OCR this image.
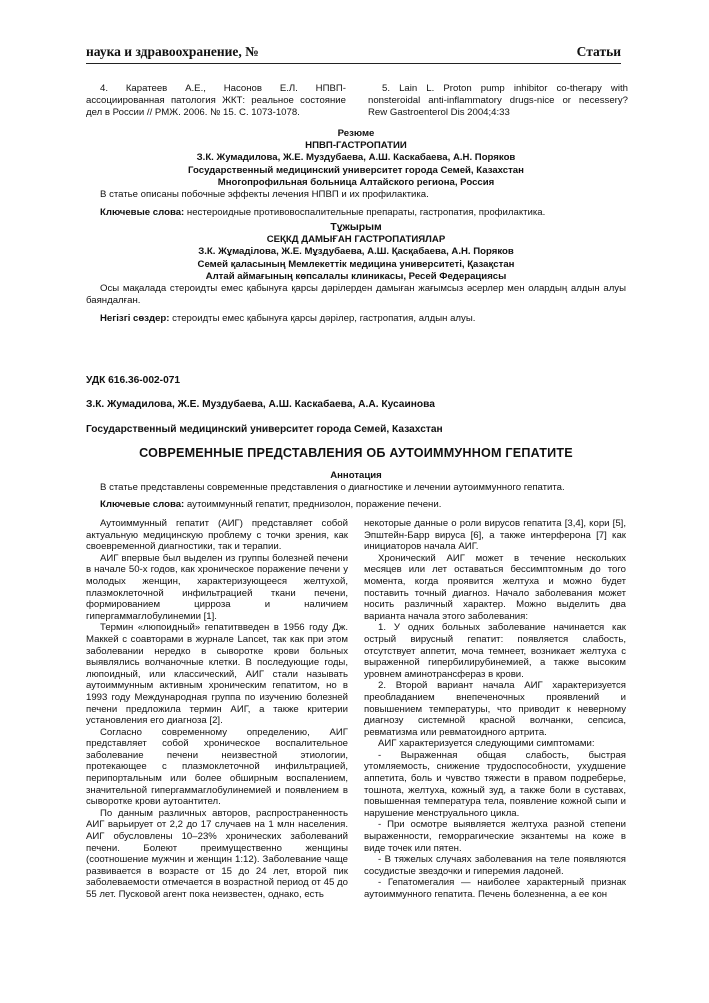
наука и здравоохранение, №	Статьи

4. Каратеев А.Е., Насонов Е.Л. НПВП-ассоциированная патология ЖКТ: реальное состояние дел в России // РМЖ. 2006. № 15. С. 1073-1078.

5. Lain L. Proton pump inhibitor co-therapy with nonsteroidal anti-inflammatory drugs-nice or necessery? Rew Gastroenterol Dis 2004;4:33

Резюме
НПВП-ГАСТРОПАТИИ
З.К. Жумадилова, Ж.Е. Муздубаева, А.Ш. Каскабаева, А.Н. Поряков
Государственный медицинский университет города Семей, Казахстан
Многопрофильная больница Алтайского региона, Россия

В статье описаны побочные эффекты лечения НПВП и их профилактика.

Ключевые слова: нестероидные противовоспалительные препараты, гастропатия, профилактика.

Тұжырым
СЕҚКД ДАМЫҒАН ГАСТРОПАТИЯЛАР
З.К. Жұмаділова, Ж.Е. Мұздубаева, А.Ш. Қасқабаева, А.Н. Поряков
Семей қаласының Мемлекеттік медицина университеті, Қазақстан
Алтай аймағының көпсалалы клиникасы, Ресей Федерациясы

Осы мақалада стероидты емес қабынуға қарсы дәрілерден дамыған жағымсыз әсерлер мен олардың алдын алуы баяндалған.

Негізгі сөздер: стероидты емес қабынуға қарсы дәрілер, гастропатия, алдын алуы.

УДК 616.36-002-071
З.К. Жумадилова, Ж.Е. Муздубаева, А.Ш. Каскабаева, А.А. Кусаинова
Государственный медицинский университет города Семей, Казахстан
СОВРЕМЕННЫЕ ПРЕДСТАВЛЕНИЯ ОБ АУТОИММУННОМ ГЕПАТИТЕ
Аннотация

В статье представлены современные представления о диагностике и лечении аутоиммунного гепатита.

Ключевые слова: аутоиммунный гепатит, преднизолон, поражение печени.

Аутоиммунный гепатит (АИГ) представляет собой актуальную медицинскую проблему с точки зрения, как своевременной диагностики, так и терапии.

АИГ впервые был выделен из группы болезней печени в начале 50-х годов, как хроническое поражение печени у молодых женщин, характеризующееся желтухой, плазмоклеточной инфильтрацией ткани печени, формированием цирроза и наличием гипергаммаглобулинемии [1].

Термин «люпоидный» гепатитвведен в 1956 году Дж. Маккей с соавторами в журнале Lancet, так как при этом заболевании нередко в сыворотке крови больных выявлялись волчаночные клетки. В последующие годы, люпоидный, или классический, АИГ стали называть аутоиммунным активным хроническим гепатитом, но в 1993 году Международная группа по изучению болезней печени предложила термин АИГ, а также критерии установления его диагноза [2].

Согласно современному определению, АИГ представляет собой хроническое воспалительное заболевание печени неизвестной этиологии, протекающее с плазмоклеточной инфильтрацией, перипортальным или более обширным воспалением, значительной гипергаммаглобулинемией и появлением в сыворотке крови аутоантител.

По данным различных авторов, распространенность АИГ варьирует от 2,2 до 17 случаев на 1 млн населения. АИГ обусловлены 10–23% хронических заболеваний печени. Болеют преимущественно женщины (соотношение мужчин и женщин 1:12). Заболевание чаще развивается в возрасте от 15 до 24 лет, второй пик заболеваемости отмечается в возрастной период от 45 до 55 лет. Пусковой агент пока неизвестен, однако, есть

некоторые данные о роли вирусов гепатита [3,4], кори [5], Эпштейн-Барр вируса [6], а также интерферона [7] как инициаторов начала АИГ.

Хронический АИГ может в течение нескольких месяцев или лет оставаться бессимптомным до того момента, когда проявится желтуха и можно будет поставить точный диагноз. Начало заболевания может носить различный характер. Можно выделить два варианта начала этого заболевания:

1. У одних больных заболевание начинается как острый вирусный гепатит: появляется слабость, отсутствует аппетит, моча темнеет, возникает желтуха с выраженной гипербилирубинемией, а также высоким уровнем аминотрансфераз в крови.

2. Второй вариант начала АИГ характеризуется преобладанием внепеченочных проявлений и повышением температуры, что приводит к неверному диагнозу системной красной волчанки, сепсиса, ревматизма или ревматоидного артрита.

АИГ характеризуется следующими симптомами:

- Выраженная общая слабость, быстрая утомляемость, снижение трудоспособности, ухудшение аппетита, боль и чувство тяжести в правом подреберье, тошнота, желтуха, кожный зуд, а также боли в суставах, повышенная температура тела, появление кожной сыпи и нарушение менструального цикла.

- При осмотре выявляется желтуха разной степени выраженности, геморрагические экзантемы на коже в виде точек или пятен.

- В тяжелых случаях заболевания на теле появляются сосудистые звездочки и гиперемия ладоней.

- Гепатомегалия — наиболее характерный признак аутоиммунного гепатита. Печень болезненна, а ее кон
